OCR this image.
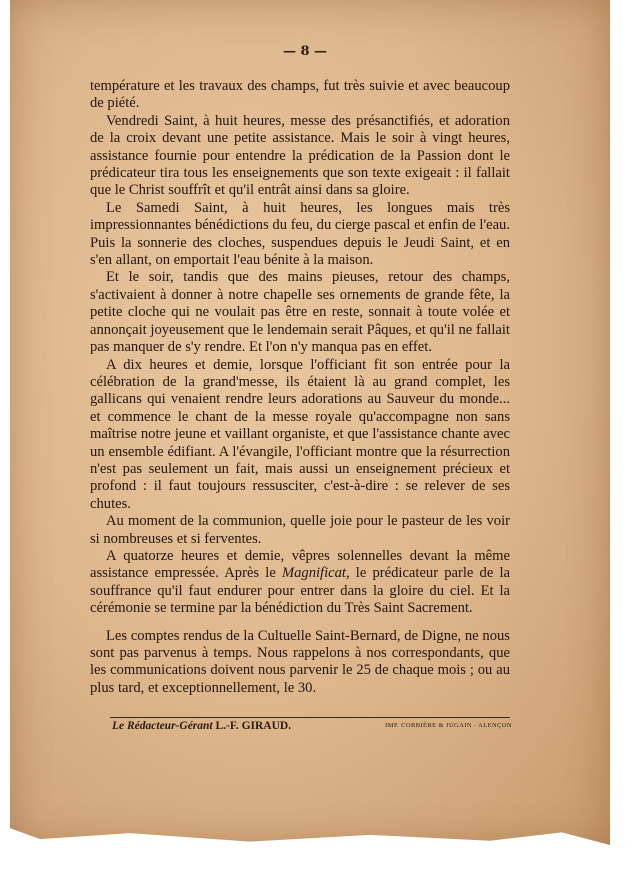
— 8 —

température et les travaux des champs, fut très suivie et avec beaucoup de piété.

Vendredi Saint, à huit heures, messe des présanctifiés, et adoration de la croix devant une petite assistance. Mais le soir à vingt heures, assistance fournie pour entendre la prédication de la Passion dont le prédicateur tira tous les enseignements que son texte exigeait : il fallait que le Christ souffrît et qu'il entrât ainsi dans sa gloire.

Le Samedi Saint, à huit heures, les longues mais très impressionnantes bénédictions du feu, du cierge pascal et enfin de l'eau. Puis la sonnerie des cloches, suspendues depuis le Jeudi Saint, et en s'en allant, on emportait l'eau bénite à la maison.

Et le soir, tandis que des mains pieuses, retour des champs, s'activaient à donner à notre chapelle ses ornements de grande fête, la petite cloche qui ne voulait pas être en reste, sonnait à toute volée et annonçait joyeusement que le lendemain serait Pâques, et qu'il ne fallait pas manquer de s'y rendre. Et l'on n'y manqua pas en effet.

A dix heures et demie, lorsque l'officiant fit son entrée pour la célébration de la grand'messe, ils étaient là au grand complet, les gallicans qui venaient rendre leurs adorations au Sauveur du monde... et commence le chant de la messe royale qu'accompagne non sans maîtrise notre jeune et vaillant organiste, et que l'assistance chante avec un ensemble édifiant. A l'évangile, l'officiant montre que la résurrection n'est pas seulement un fait, mais aussi un enseignement précieux et profond : il faut toujours ressusciter, c'est-à-dire : se relever de ses chutes.

Au moment de la communion, quelle joie pour le pasteur de les voir si nombreuses et si ferventes.

A quatorze heures et demie, vêpres solennelles devant la même assistance empressée. Après le Magnificat, le prédicateur parle de la souffrance qu'il faut endurer pour entrer dans la gloire du ciel. Et la cérémonie se termine par la bénédiction du Très Saint Sacrement.

Les comptes rendus de la Cultuelle Saint-Bernard, de Digne, ne nous sont pas parvenus à temps. Nous rappelons à nos correspondants, que les communications doivent nous parvenir le 25 de chaque mois ; ou au plus tard, et exceptionnellement, le 30.

Le Rédacteur-Gérant L.-F. GIRAUD.	IMP. CORBIÈRE & JUGAIN - ALENÇON
